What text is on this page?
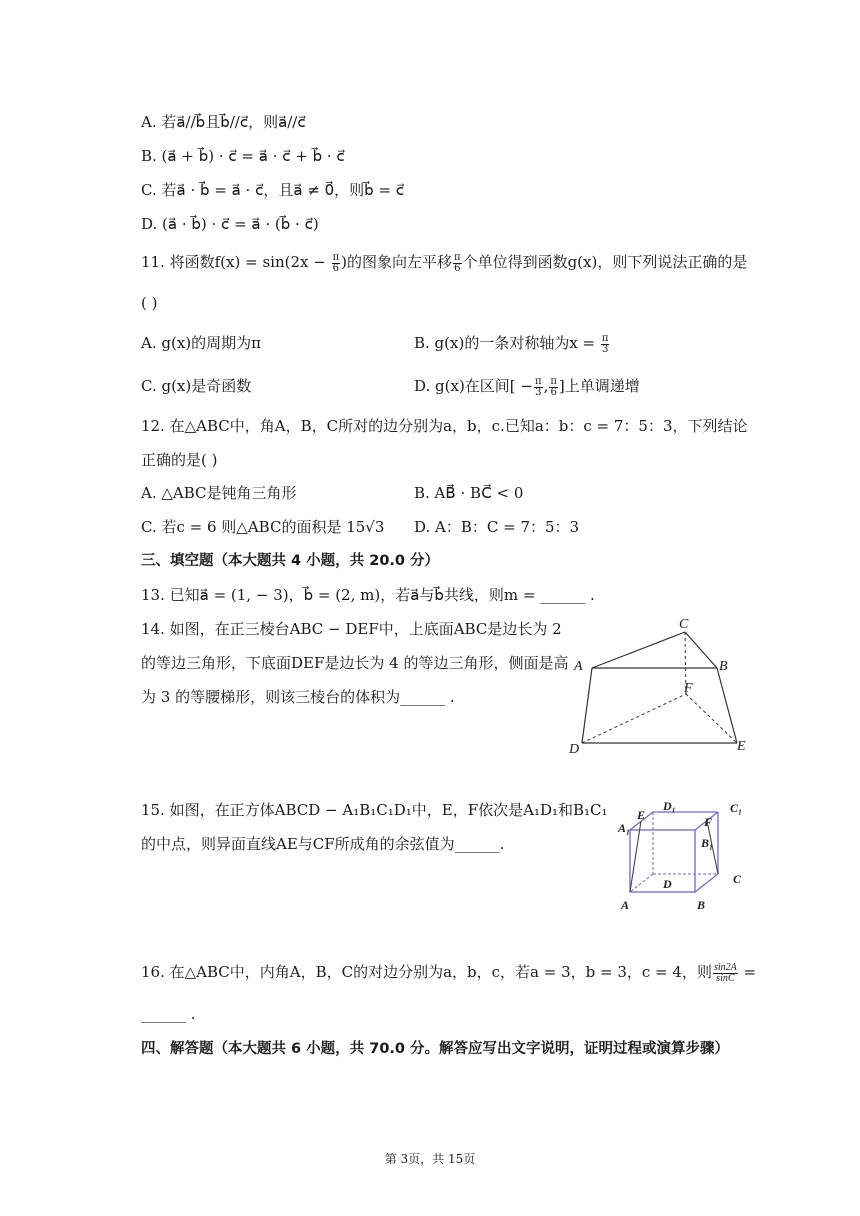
A. 若a⃗//b⃗且b⃗//c⃗，则a⃗//c⃗
B. (a⃗ + b⃗) · c⃗ = a⃗ · c⃗ + b⃗ · c⃗
C. 若a⃗ · b⃗ = a⃗ · c⃗，且a⃗ ≠ 0⃗，则b⃗ = c⃗
D. (a⃗ · b⃗) · c⃗ = a⃗ · (b⃗ · c⃗)
11. 将函数$f(x) = \sin(2x - \frac{\pi}{6}$ )的图象向左平移 $\frac{\pi}{6}$ 个单位得到函数g(x)，则下列说法正确的是
( )
A. g(x)的周期为π	B. g(x)的一条对称轴为$x = \frac{\pi}{3}$
C. g(x)是奇函数	D. g(x)在区间[ − $\frac{\pi}{3}$ , $\frac{\pi}{6}$ ]上单调递增
12. 在△ABC中，角A，B，C所对的边分别为a，b，c.已知a：b：c = 7：5：3，下列结论
正确的是( )
A. △ABC是钝角三角形	B. AB⃗ · BC⃗ < 0
C. 若c = 6 则△ABC的面积是 15√3 D. A：B：C = 7：5：3
三、填空题（本大题共 4 小题，共 20.0 分）
13. 已知a⃗ = (1, − 3)，b⃗ = (2, m)，若a⃗与b⃗共线，则m = ______ .
14. 如图，在正三棱台ABC − DEF中，上底面ABC是边长为 2
的等边三角形，下底面DEF是边长为 4 的等边三角形，侧面是高
为 3 的等腰梯形，则该三棱台的体积为______ .
C
A	B
F
D	E
15. 如图，在正方体ABCD − A₁B₁C₁D₁中，E，F依次是A₁D₁和B₁C₁
的中点，则异面直线AE与CF所成角的余弦值为______.
E
D₁	C₁
A₁	F
B₁
D	C
A	B
16. 在△ABC中，内角A，B，C的对边分别为a，b，c，若a = 3，b = 3，c = 4，则 $\frac{\sin 2A}{\sin C}$ =
______ .
四、解答题（本大题共 6 小题，共 70.0 分。解答应写出文字说明，证明过程或演算步骤）
第 3页，共 15页
